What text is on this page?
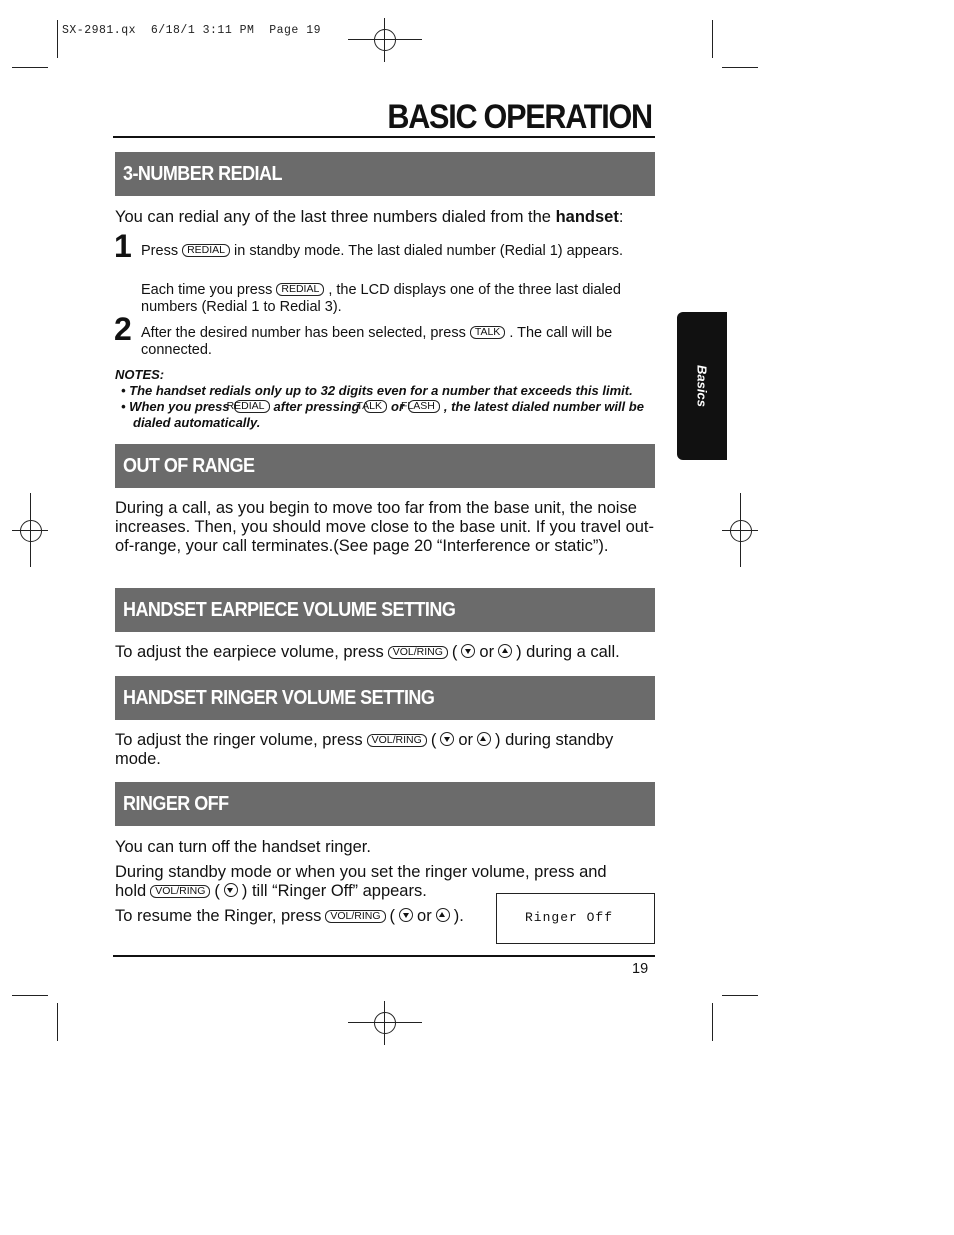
SX-2981.qx  6/18/1 3:11 PM  Page 19
BASIC OPERATION
Basics
3-NUMBER REDIAL
You can redial any of the last three numbers dialed from the handset:
1 Press REDIAL in standby mode. The last dialed number (Redial 1) appears.
Each time you press REDIAL , the LCD displays one of the three last dialed numbers (Redial 1 to Redial 3).
2 After the desired number has been selected, press TALK . The call will be connected.
NOTES:
• The handset redials only up to 32 digits even for a number that exceeds this limit.
• When you pressREDIAL after pressingTALK orFLASH , the latest dialed number will be dialed automatically.
OUT OF RANGE
During a call, as you begin to move too far from the base unit, the noise increases. Then, you should move close to the base unit. If you travel out-of-range, your call terminates.(See page 20 “Interference or static”).
HANDSET EARPIECE VOLUME SETTING
To adjust the earpiece volume, press VOL/RING ( or ) during a call.
HANDSET RINGER VOLUME SETTING
To adjust the ringer volume, press VOL/RING ( or ) during standby mode.
RINGER OFF
You can turn off the handset ringer.
During standby mode or when you set the ringer volume, press and hold VOL/RING ( ) till “Ringer Off” appears.
To resume the Ringer, press VOL/RING ( or ).	Ringer Off
19
